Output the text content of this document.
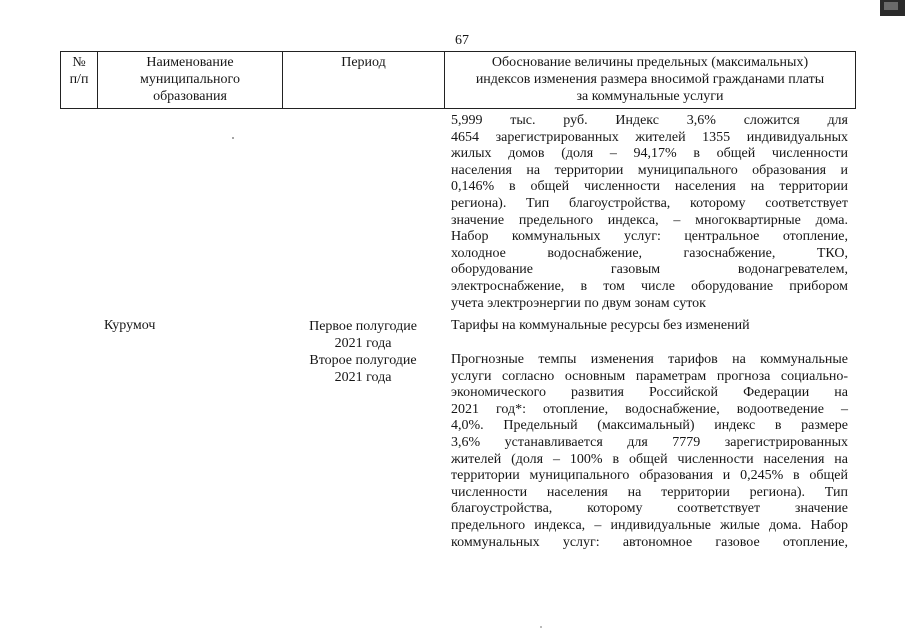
67
№
п/п
Наименование
муниципального
образования
Период	Обоснование величины предельных (максимальных)
индексов изменения размера вносимой гражданами платы
за коммунальные услуги
5,999 тыс. руб. Индекс 3,6% сложится для
4654 зарегистрированных жителей 1355 индивидуальных
жилых домов (доля – 94,17% в общей численности
населения на территории муниципального образования и
0,146% в общей численности населения на территории
региона). Тип благоустройства, которому соответствует
значение предельного индекса, – многоквартирные дома.
Набор коммунальных услуг: центральное отопление,
холодное водоснабжение, газоснабжение, ТКО,
оборудование газовым водонагревателем,
электроснабжение, в том числе оборудование прибором
учета электроэнергии по двум зонам суток
Курумоч	Первое полугодие
2021 года
Тарифы на коммунальные ресурсы без изменений
Второе полугодие
2021 года
Прогнозные темпы изменения тарифов на коммунальные
услуги согласно основным параметрам прогноза социально-
экономического развития Российской Федерации на
2021 год*: отопление, водоснабжение, водоотведение –
4,0%. Предельный (максимальный) индекс в размере
3,6% устанавливается для 7779 зарегистрированных
жителей (доля – 100% в общей численности населения на
территории муниципального образования и 0,245% в общей
численности населения на территории региона). Тип
благоустройства, которому соответствует значение
предельного индекса, – индивидуальные жилые дома. Набор
коммунальных услуг: автономное газовое отопление,
